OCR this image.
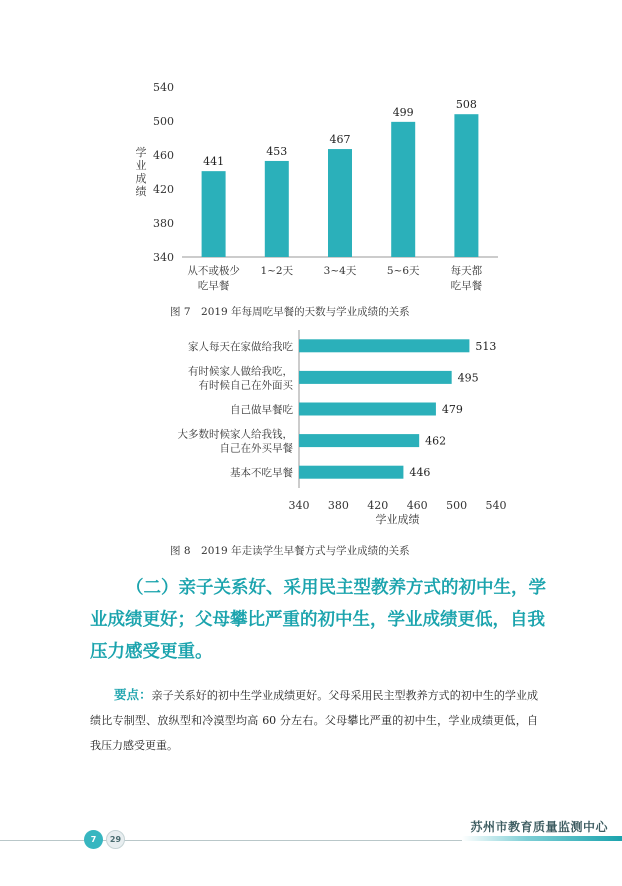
340
380
420
460
500
540
学
业
成
绩
441
从不或极少
吃早餐
453
1~2天
467
3~4天
499
5~6天
508
每天都
吃早餐
图 7　2019 年每周吃早餐的天数与学业成绩的关系
340 380 420 460 500 540
学业成绩
513
家人每天在家做给我吃
495
有时候家人做给我吃，
有时候自己在外面买
479
自己做早餐吃
462
大多数时候家人给我钱，
自己在外买早餐
446
基本不吃早餐
图 8　2019 年走读学生早餐方式与学业成绩的关系
（二）亲子关系好、采用民主型教养方式的初中生，学业成绩更好；父母攀比严重的初中生，学业成绩更低，自我压力感受更重。
要点：亲子关系好的初中生学业成绩更好。父母采用民主型教养方式的初中生的学业成绩比专制型、放纵型和冷漠型均高 60 分左右。父母攀比严重的初中生，学业成绩更低，自我压力感受更重。
7	29
苏州市教育质量监测中心
